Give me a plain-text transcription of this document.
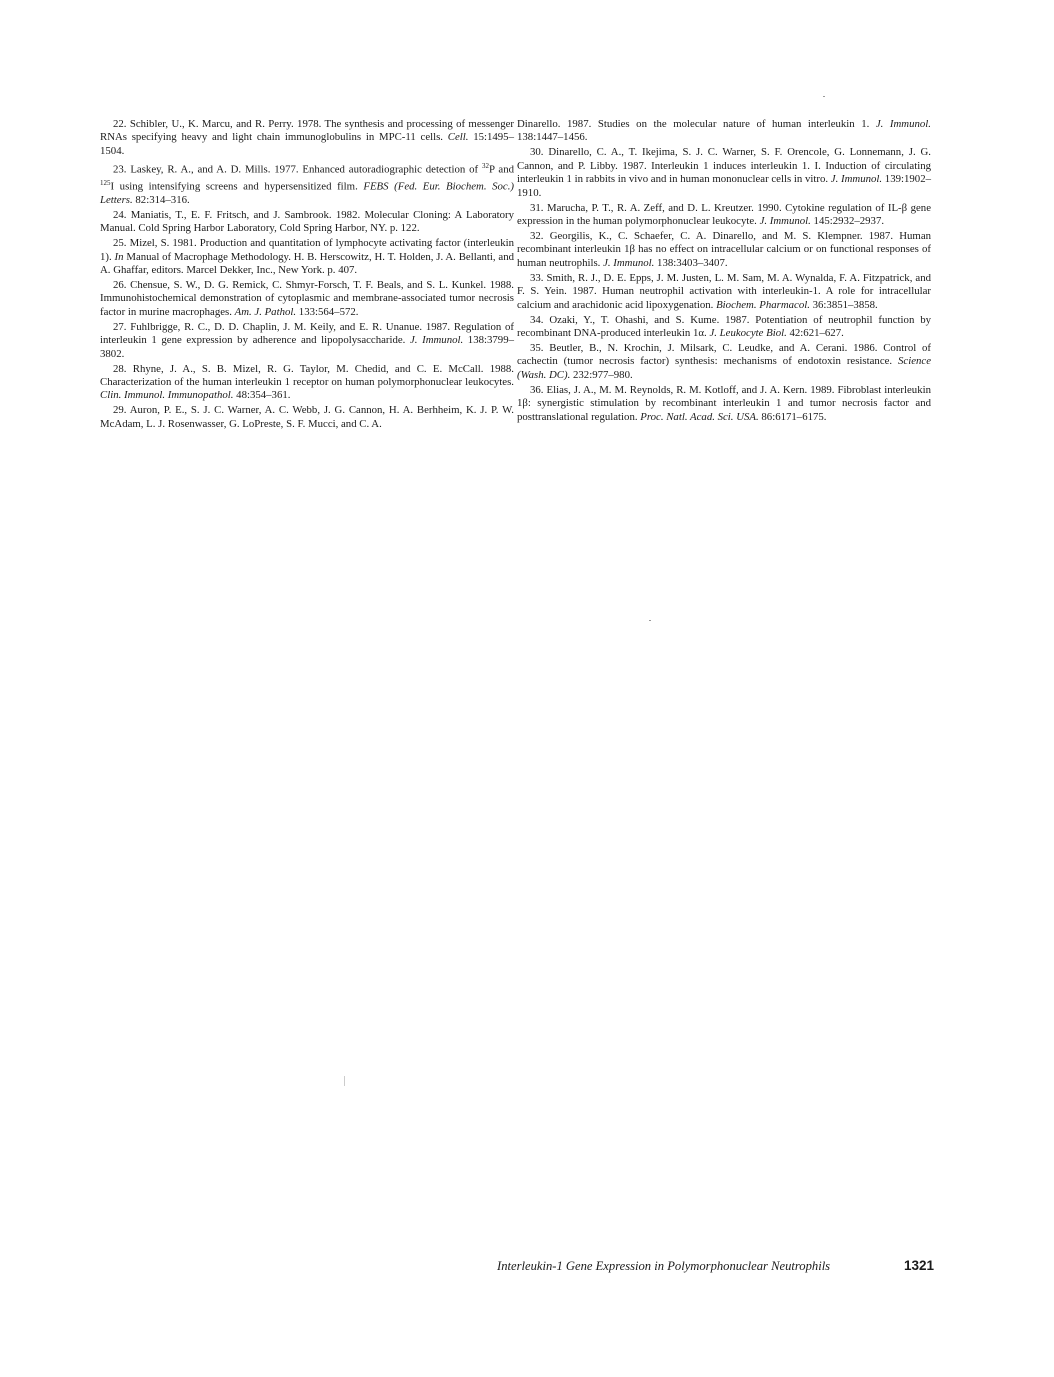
22. Schibler, U., K. Marcu, and R. Perry. 1978. The synthesis and processing of messenger RNAs specifying heavy and light chain immunoglobulins in MPC-11 cells. Cell. 15:1495–1504.

23. Laskey, R. A., and A. D. Mills. 1977. Enhanced autoradiographic detection of $^{32}$P and $^{125}$I using intensifying screens and hypersensitized film. FEBS (Fed. Eur. Biochem. Soc.) Letters. 82:314–316.

24. Maniatis, T., E. F. Fritsch, and J. Sambrook. 1982. Molecular Cloning: A Laboratory Manual. Cold Spring Harbor Laboratory, Cold Spring Harbor, NY. p. 122.

25. Mizel, S. 1981. Production and quantitation of lymphocyte activating factor (interleukin 1). In Manual of Macrophage Methodology. H. B. Herscowitz, H. T. Holden, J. A. Bellanti, and A. Ghaffar, editors. Marcel Dekker, Inc., New York. p. 407.

26. Chensue, S. W., D. G. Remick, C. Shmyr-Forsch, T. F. Beals, and S. L. Kunkel. 1988. Immunohistochemical demonstration of cytoplasmic and membrane-associated tumor necrosis factor in murine macrophages. Am. J. Pathol. 133:564–572.

27. Fuhlbrigge, R. C., D. D. Chaplin, J. M. Keily, and E. R. Unanue. 1987. Regulation of interleukin 1 gene expression by adherence and lipopolysaccharide. J. Immunol. 138:3799–3802.

28. Rhyne, J. A., S. B. Mizel, R. G. Taylor, M. Chedid, and C. E. McCall. 1988. Characterization of the human interleukin 1 receptor on human polymorphonuclear leukocytes. Clin. Immunol. Immunopathol. 48:354–361.

29. Auron, P. E., S. J. C. Warner, A. C. Webb, J. G. Cannon, H. A. Berhheim, K. J. P. W. McAdam, L. J. Rosenwasser, G. LoPreste, S. F. Mucci, and C. A.

Dinarello. 1987. Studies on the molecular nature of human interleukin 1. J. Immunol. 138:1447–1456.

30. Dinarello, C. A., T. Ikejima, S. J. C. Warner, S. F. Orencole, G. Lonnemann, J. G. Cannon, and P. Libby. 1987. Interleukin 1 induces interleukin 1. I. Induction of circulating interleukin 1 in rabbits in vivo and in human mononuclear cells in vitro. J. Immunol. 139:1902–1910.

31. Marucha, P. T., R. A. Zeff, and D. L. Kreutzer. 1990. Cytokine regulation of IL-β gene expression in the human polymorphonuclear leukocyte. J. Immunol. 145:2932–2937.

32. Georgilis, K., C. Schaefer, C. A. Dinarello, and M. S. Klempner. 1987. Human recombinant interleukin 1β has no effect on intracellular calcium or on functional responses of human neutrophils. J. Immunol. 138:3403–3407.

33. Smith, R. J., D. E. Epps, J. M. Justen, L. M. Sam, M. A. Wynalda, F. A. Fitzpatrick, and F. S. Yein. 1987. Human neutrophil activation with interleukin-1. A role for intracellular calcium and arachidonic acid lipoxygenation. Biochem. Pharmacol. 36:3851–3858.

34. Ozaki, Y., T. Ohashi, and S. Kume. 1987. Potentiation of neutrophil function by recombinant DNA-produced interleukin 1α. J. Leukocyte Biol. 42:621–627.

35. Beutler, B., N. Krochin, J. Milsark, C. Leudke, and A. Cerani. 1986. Control of cachectin (tumor necrosis factor) synthesis: mechanisms of endotoxin resistance. Science (Wash. DC). 232:977–980.

36. Elias, J. A., M. M. Reynolds, R. M. Kotloff, and J. A. Kern. 1989. Fibroblast interleukin 1β: synergistic stimulation by recombinant interleukin 1 and tumor necrosis factor and posttranslational regulation. Proc. Natl. Acad. Sci. USA. 86:6171–6175.

Interleukin-1 Gene Expression in Polymorphonuclear Neutrophils	1321
